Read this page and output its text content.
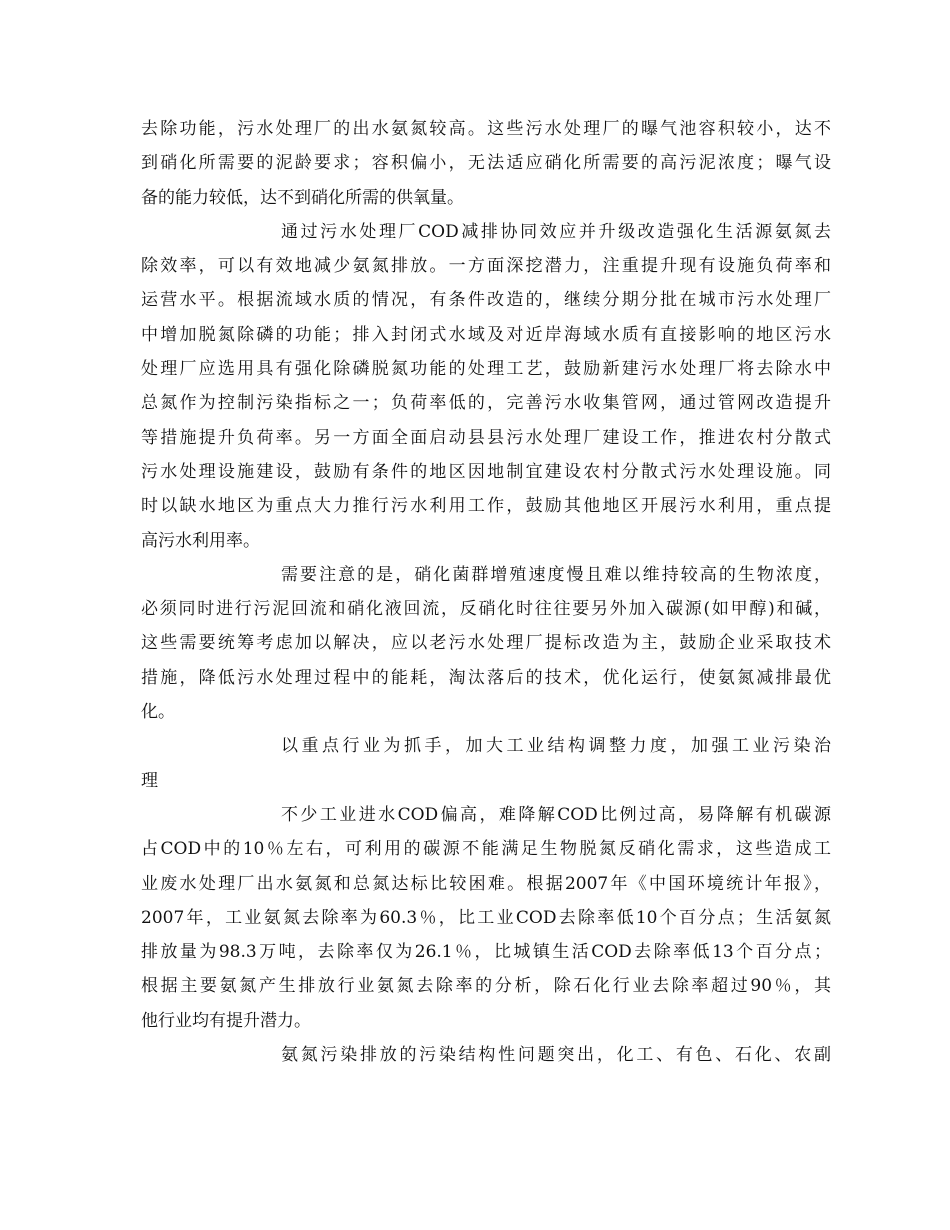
去除功能，污水处理厂的出水氨氮较高。这些污水处理厂的曝气池容积较小，达不
到硝化所需要的泥龄要求；容积偏小，无法适应硝化所需要的高污泥浓度；曝气设
备的能力较低，达不到硝化所需的供氧量。
通过污水处理厂COD减排协同效应并升级改造强化生活源氨氮去
除效率，可以有效地减少氨氮排放。一方面深挖潜力，注重提升现有设施负荷率和
运营水平。根据流域水质的情况，有条件改造的，继续分期分批在城市污水处理厂
中增加脱氮除磷的功能；排入封闭式水域及对近岸海域水质有直接影响的地区污水
处理厂应选用具有强化除磷脱氮功能的处理工艺，鼓励新建污水处理厂将去除水中
总氮作为控制污染指标之一；负荷率低的，完善污水收集管网，通过管网改造提升
等措施提升负荷率。另一方面全面启动县县污水处理厂建设工作，推进农村分散式
污水处理设施建设，鼓励有条件的地区因地制宜建设农村分散式污水处理设施。同
时以缺水地区为重点大力推行污水利用工作，鼓励其他地区开展污水利用，重点提
高污水利用率。
需要注意的是，硝化菌群增殖速度慢且难以维持较高的生物浓度，
必须同时进行污泥回流和硝化液回流，反硝化时往往要另外加入碳源(如甲醇)和碱，
这些需要统筹考虑加以解决，应以老污水处理厂提标改造为主，鼓励企业采取技术
措施，降低污水处理过程中的能耗，淘汰落后的技术，优化运行，使氨氮减排最优
化。
以重点行业为抓手，加大工业结构调整力度，加强工业污染治
理
不少工业进水COD偏高，难降解COD比例过高，易降解有机碳源
占COD中的10％左右，可利用的碳源不能满足生物脱氮反硝化需求，这些造成工
业废水处理厂出水氨氮和总氮达标比较困难。根据2007年《中国环境统计年报》，
2007年，工业氨氮去除率为60.3％，比工业COD去除率低10个百分点；生活氨氮
排放量为98.3万吨，去除率仅为26.1％，比城镇生活COD去除率低13个百分点；
根据主要氨氮产生排放行业氨氮去除率的分析，除石化行业去除率超过90％，其
他行业均有提升潜力。
氨氮污染排放的污染结构性问题突出，化工、有色、石化、农副
